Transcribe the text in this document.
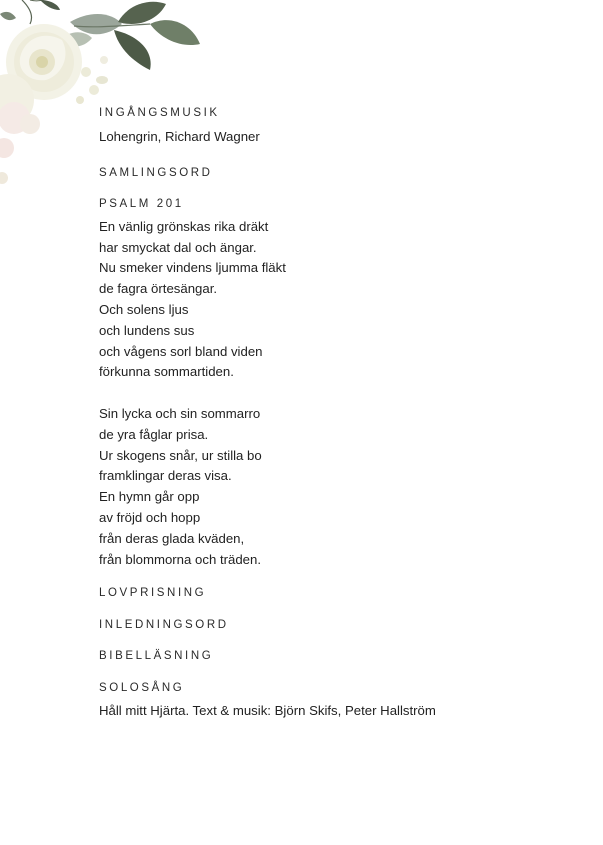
INGÅNGSMUSIK

Lohengrin, Richard Wagner

SAMLINGSORD

PSALM 201

En vänlig grönskas rika dräkt

har smyckat dal och ängar.

Nu smeker vindens ljumma fläkt

de fagra örtesängar.

Och solens ljus

och lundens sus

och vågens sorl bland viden

förkunna sommartiden.

Sin lycka och sin sommarro

de yra fåglar prisa.

Ur skogens snår, ur stilla bo

framklingar deras visa.

En hymn går opp

av fröjd och hopp

från deras glada kväden,

från blommorna och träden.

LOVPRISNING

INLEDNINGSORD

BIBELLÄSNING

SOLOSÅNG

Håll mitt Hjärta. Text & musik: Björn Skifs, Peter Hallström
